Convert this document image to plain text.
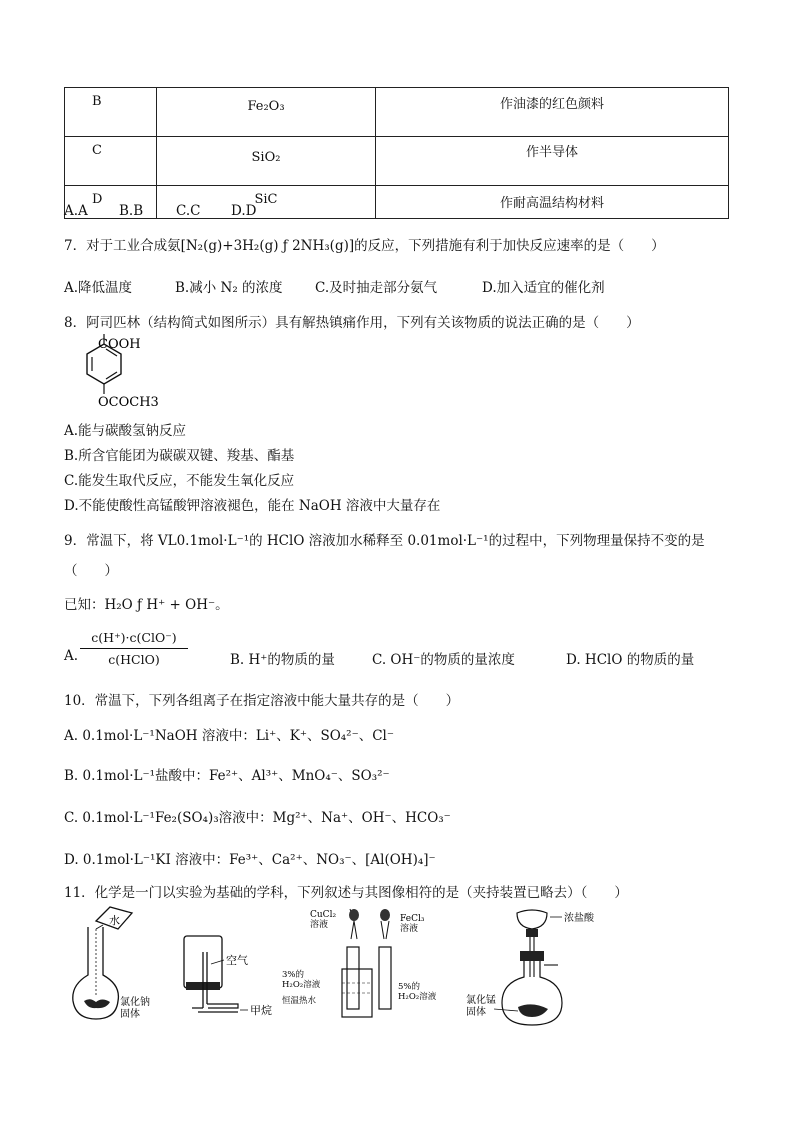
B	Fe₂O₃	作油漆的红色颜料

C	SiO₂	作半导体

D	SiC	作耐高温结构材料
A.A B.B C.C D.D
7．对于工业合成氨[N₂(g)+3H₂(g) ƒ 2NH₃(g)]的反应，下列措施有利于加快反应速率的是（　　）
A.降低温度	B.减小 N₂ 的浓度 C.及时抽走部分氨气	D.加入适宜的催化剂
8．阿司匹林（结构简式如图所示）具有解热镇痛作用，下列有关该物质的说法正确的是（　　）
COOH
OCOCH3
A.能与碳酸氢钠反应
B.所含官能团为碳碳双键、羧基、酯基
C.能发生取代反应，不能发生氧化反应
D.不能使酸性高锰酸钾溶液褪色，能在 NaOH 溶液中大量存在
9．常温下，将 VL0.1mol·L⁻¹的 HClO 溶液加水稀释至 0.01mol·L⁻¹的过程中，下列物理量保持不变的是
（　　）
已知：H₂O ƒ H⁺ + OH⁻。
A.
c(H⁺)·c(ClO⁻)
c(HClO)	B. H⁺的物质的量	C. OH⁻的物质的量浓度	D. HClO 的物质的量
10．常温下，下列各组离子在指定溶液中能大量共存的是（　　）
A. 0.1mol·L⁻¹NaOH 溶液中：Li⁺、K⁺、SO₄²⁻、Cl⁻
B. 0.1mol·L⁻¹盐酸中：Fe²⁺、Al³⁺、MnO₄⁻、SO₃²⁻
C. 0.1mol·L⁻¹Fe₂(SO₄)₃溶液中：Mg²⁺、Na⁺、OH⁻、HCO₃⁻
D. 0.1mol·L⁻¹KI 溶液中：Fe³⁺、Ca²⁺、NO₃⁻、[Al(OH)₄]⁻
11．化学是一门以实验为基础的学科，下列叙述与其图像相符的是（夹持装置已略去）（　　）
水
氯化钠固体
空气
甲烷
CuCl₂ 溶液
3%的 H₂O₂溶液
恒温热水
FeCl₃ 溶液
5%的 H₂O₂溶液
浓盐酸
氯化锰固体
